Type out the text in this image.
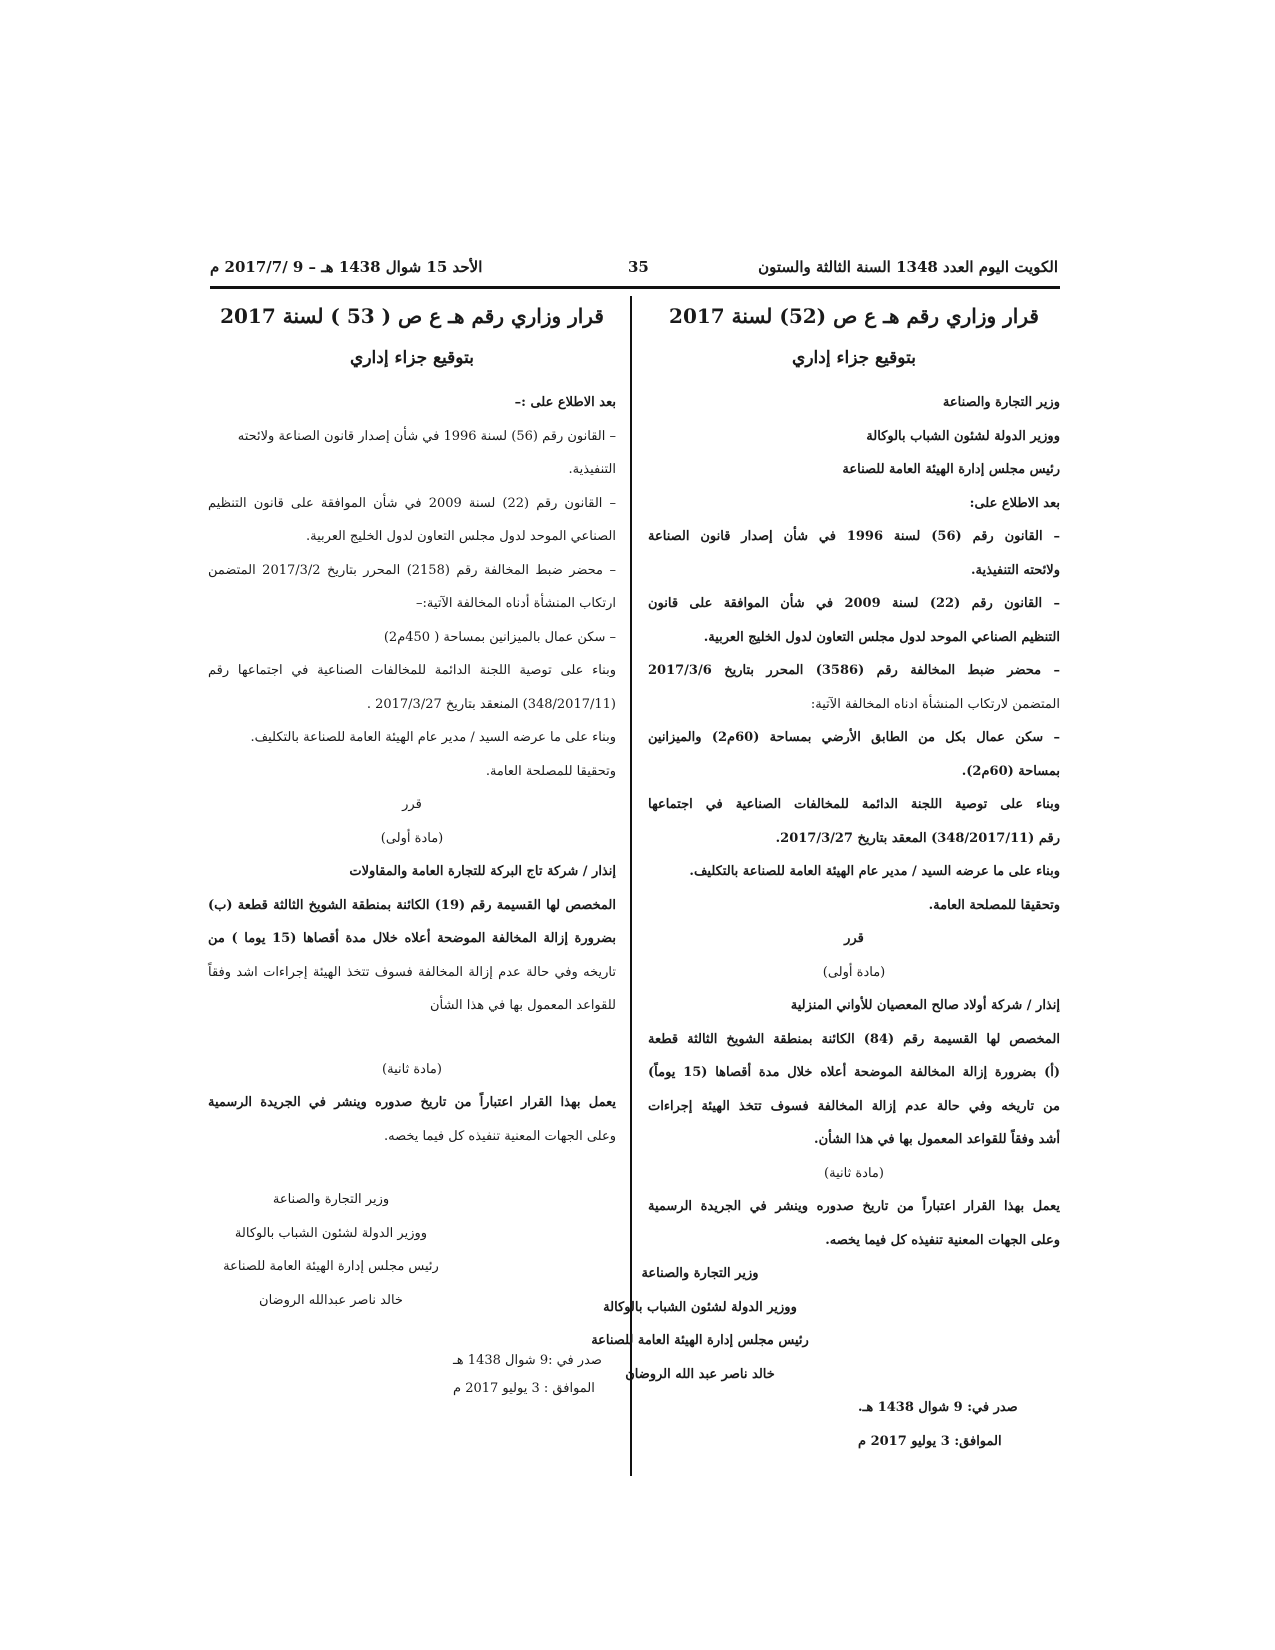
الأحد 15 شوال 1438 هـ – 9 /2017/7 م	35	الكويت اليوم العدد 1348 السنة الثالثة والستون
قرار وزاري رقم هـ ع ص (52) لسنة 2017
بتوقيع جزاء إداري
وزير التجارة والصناعة
ووزير الدولة لشئون الشباب بالوكالة
رئيس مجلس إدارة الهيئة العامة للصناعة
بعد الاطلاع على:
– القانون رقم (56) لسنة 1996 في شأن إصدار قانون الصناعة
ولائحته التنفيذية.
– القانون رقم (22) لسنة 2009 في شأن الموافقة على قانون
التنظيم الصناعي الموحد لدول مجلس التعاون لدول الخليج العربية.
– محضر ضبط المخالفة رقم (3586) المحرر بتاريخ 2017/3/6
المتضمن لارتكاب المنشأة ادناه المخالفة الآتية:
– سكن عمال بكل من الطابق الأرضي بمساحة (60م2) والميزانين
بمساحة (60م2).
وبناء على توصية اللجنة الدائمة للمخالفات الصناعية في اجتماعها
رقم (348/2017/11) المعقد بتاريخ 2017/3/27.
وبناء على ما عرضه السيد / مدير عام الهيئة العامة للصناعة بالتكليف.
وتحقيقا للمصلحة العامة.
قرر
(مادة أولى)
إنذار / شركة أولاد صالح المعصيان للأواني المنزلية
المخصص لها القسيمة رقم (84) الكائنة بمنطقة الشويخ الثالثة قطعة
(أ) بضرورة إزالة المخالفة الموضحة أعلاه خلال مدة أقصاها (15 يوماً)
من تاريخه وفي حالة عدم إزالة المخالفة فسوف تتخذ الهيئة إجراءات
أشد وفقاً للقواعد المعمول بها في هذا الشأن.
(مادة ثانية)
يعمل بهذا القرار اعتباراً من تاريخ صدوره وينشر في الجريدة الرسمية
وعلى الجهات المعنية تنفيذه كل فيما يخصه.
وزير التجارة والصناعة
ووزير الدولة لشئون الشباب بالوكالة
رئيس مجلس إدارة الهيئة العامة للصناعة
خالد ناصر عبد الله الروضان
صدر في: 9 شوال 1438 هـ.
الموافق: 3 يوليو 2017 م
قرار وزاري رقم هـ ع ص ( 53 ) لسنة 2017
بتوقيع جزاء إداري
بعد الاطلاع على :–
– القانون رقم (56) لسنة 1996 في شأن إصدار قانون الصناعة ولائحته
التنفيذية.
– القانون رقم (22) لسنة 2009 في شأن الموافقة على قانون التنظيم
الصناعي الموحد لدول مجلس التعاون لدول الخليج العربية.
– محضر ضبط المخالفة رقم (2158) المحرر بتاريخ 2017/3/2 المتضمن
ارتكاب المنشأة أدناه المخالفة الآتية:–
– سكن عمال بالميزانين بمساحة ( 450م2)
وبناء على توصية اللجنة الدائمة للمخالفات الصناعية في اجتماعها رقم
(348/2017/11) المنعقد بتاريخ 2017/3/27 .
وبناء على ما عرضه السيد / مدير عام الهيئة العامة للصناعة بالتكليف.
وتحقيقا للمصلحة العامة.
قرر
(مادة أولى)
إنذار / شركة تاج البركة للتجارة العامة والمقاولات
المخصص لها القسيمة رقم (19) الكائنة بمنطقة الشويخ الثالثة قطعة (ب)
بضرورة إزالة المخالفة الموضحة أعلاه خلال مدة أقصاها (15 يوما ) من
تاريخه وفي حالة عدم إزالة المخالفة فسوف تتخذ الهيئة إجراءات اشد وفقاً
للقواعد المعمول بها في هذا الشأن
(مادة ثانية)
يعمل بهذا القرار اعتباراً من تاريخ صدوره وينشر في الجريدة الرسمية
وعلى الجهات المعنية تنفيذه كل فيما يخصه.
وزير التجارة والصناعة
ووزير الدولة لشئون الشباب بالوكالة
رئيس مجلس إدارة الهيئة العامة للصناعة
خالد ناصر عبدالله الروضان
صدر في :9 شوال 1438 هـ
الموافق : 3 يوليو 2017 م
